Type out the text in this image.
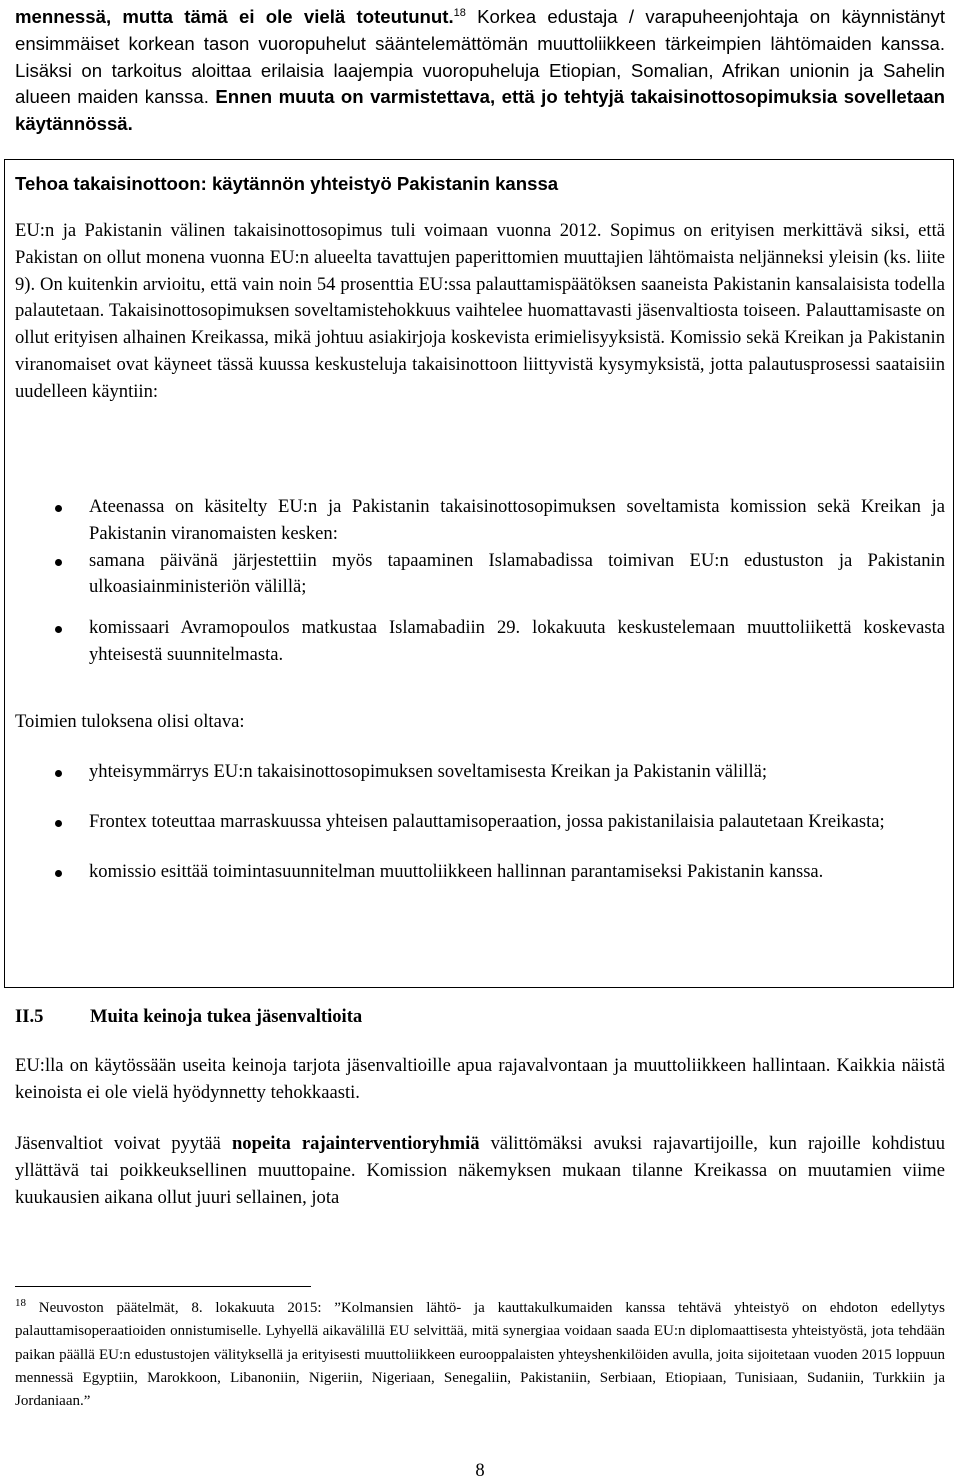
mennessä, mutta tämä ei ole vielä toteutunut.$^{18}$ Korkea edustaja / varapuheenjohtaja on käynnistänyt ensimmäiset korkean tason vuoropuhelut sääntelemättömän muuttoliikkeen tärkeimpien lähtömaiden kanssa. Lisäksi on tarkoitus aloittaa erilaisia laajempia vuoropuheluja Etiopian, Somalian, Afrikan unionin ja Sahelin alueen maiden kanssa. Ennen muuta on varmistettava, että jo tehtyjä takaisinottosopimuksia sovelletaan käytännössä.

Tehoa takaisinottoon: käytännön yhteistyö Pakistanin kanssa

EU:n ja Pakistanin välinen takaisinottosopimus tuli voimaan vuonna 2012. Sopimus on erityisen merkittävä siksi, että Pakistan on ollut monena vuonna EU:n alueelta tavattujen paperittomien muuttajien lähtömaista neljänneksi yleisin (ks. liite 9). On kuitenkin arvioitu, että vain noin 54 prosenttia EU:ssa palauttamispäätöksen saaneista Pakistanin kansalaisista todella palautetaan. Takaisinottosopimuksen soveltamistehokkuus vaihtelee huomattavasti jäsenvaltiosta toiseen. Palauttamisaste on ollut erityisen alhainen Kreikassa, mikä johtuu asiakirjoja koskevista erimielisyyksistä. Komissio sekä Kreikan ja Pakistanin viranomaiset ovat käyneet tässä kuussa keskusteluja takaisinottoon liittyvistä kysymyksistä, jotta palautusprosessi saataisiin uudelleen käyntiin:

Ateenassa on käsitelty EU:n ja Pakistanin takaisinottosopimuksen soveltamista komission sekä Kreikan ja Pakistanin viranomaisten kesken:
samana päivänä järjestettiin myös tapaaminen Islamabadissa toimivan EU:n edustuston ja Pakistanin ulkoasiainministeriön välillä;
komissaari Avramopoulos matkustaa Islamabadiin 29. lokakuuta keskustelemaan muuttoliikettä koskevasta yhteisestä suunnitelmasta.

Toimien tuloksena olisi oltava:

yhteisymmärrys EU:n takaisinottosopimuksen soveltamisesta Kreikan ja Pakistanin välillä;
Frontex toteuttaa marraskuussa yhteisen palauttamisoperaation, jossa pakistanilaisia palautetaan Kreikasta;
komissio esittää toimintasuunnitelman muuttoliikkeen hallinnan parantamiseksi Pakistanin kanssa.
II.5	Muita keinoja tukea jäsenvaltioita

EU:lla on käytössään useita keinoja tarjota jäsenvaltioille apua rajavalvontaan ja muuttoliikkeen hallintaan. Kaikkia näistä keinoista ei ole vielä hyödynnetty tehokkaasti.

Jäsenvaltiot voivat pyytää nopeita rajainterventioryhmiä välittömäksi avuksi rajavartijoille, kun rajoille kohdistuu yllättävä tai poikkeuksellinen muuttopaine. Komission näkemyksen mukaan tilanne Kreikassa on muutamien viime kuukausien aikana ollut juuri sellainen, jota

$^{18}$ Neuvoston päätelmät, 8. lokakuuta 2015: ”Kolmansien lähtö- ja kauttakulkumaiden kanssa tehtävä yhteistyö on ehdoton edellytys palauttamisoperaatioiden onnistumiselle. Lyhyellä aikavälillä EU selvittää, mitä synergiaa voidaan saada EU:n diplomaattisesta yhteistyöstä, jota tehdään paikan päällä EU:n edustustojen välityksellä ja erityisesti muuttoliikkeen eurooppalaisten yhteyshenkilöiden avulla, joita sijoitetaan vuoden 2015 loppuun mennessä Egyptiin, Marokkoon, Libanoniin, Nigeriin, Nigeriaan, Senegaliin, Pakistaniin, Serbiaan, Etiopiaan, Tunisiaan, Sudaniin, Turkkiin ja Jordaniaan.”

8
